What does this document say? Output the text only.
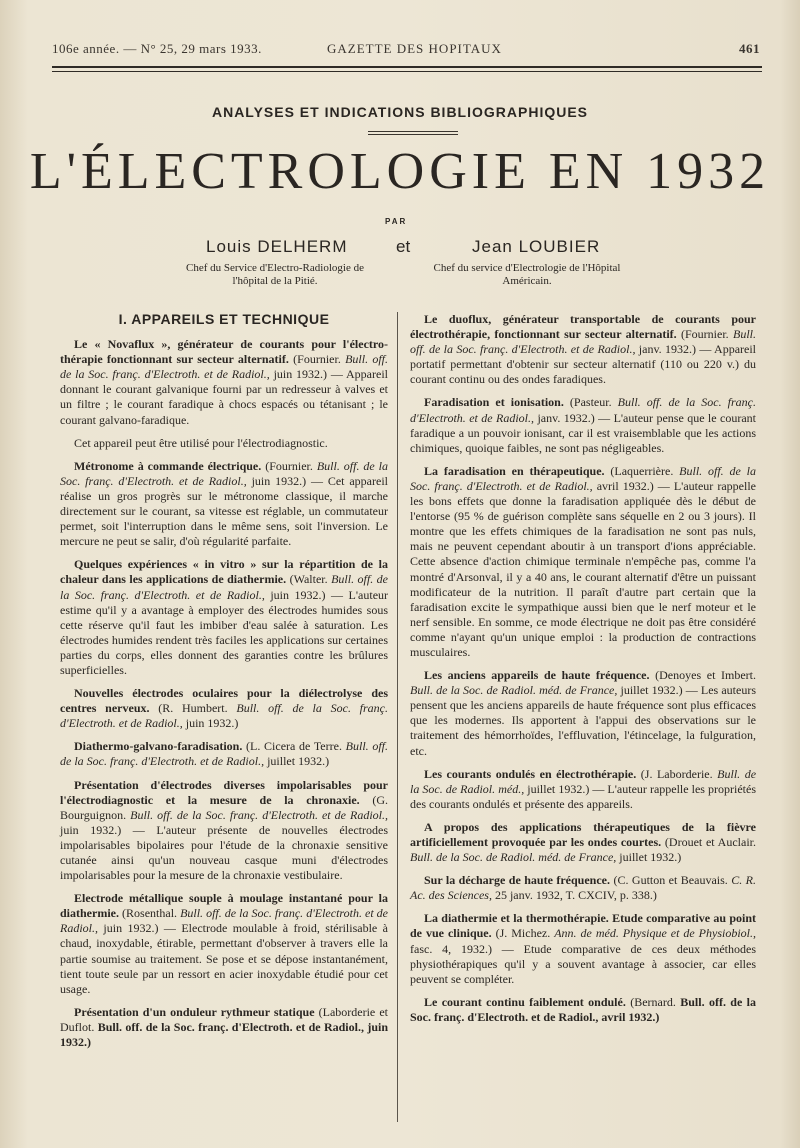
106e année. — N° 25, 29 mars 1933.	GAZETTE DES HOPITAUX	461
ANALYSES ET INDICATIONS BIBLIOGRAPHIQUES
L'ÉLECTROLOGIE EN 1932
PAR
Louis DELHERM	et	Jean LOUBIER
Chef du Service d'Electro-Radiologie de l'hôpital de la Pitié.
Chef du service d'Electrologie de l'Hôpital Américain.
I. APPAREILS ET TECHNIQUE

Le « Novaflux », générateur de courants pour l'électro-thérapie fonctionnant sur secteur alternatif. (Fournier. Bull. off. de la Soc. franç. d'Electroth. et de Radiol., juin 1932.) — Appareil donnant le courant galvanique fourni par un redresseur à valves et un filtre ; le courant faradique à chocs espacés ou tétanisant ; le courant galvano-faradique.

Cet appareil peut être utilisé pour l'électrodiagnostic.

Métronome à commande électrique. (Fournier. Bull. off. de la Soc. franç. d'Electroth. et de Radiol., juin 1932.) — Cet appareil réalise un gros progrès sur le métronome classique, il marche directement sur le courant, sa vitesse est réglable, un commutateur permet, soit l'interruption dans le même sens, soit l'inversion. Le mercure ne peut se salir, d'où régularité parfaite.

Quelques expériences « in vitro » sur la répartition de la chaleur dans les applications de diathermie. (Walter. Bull. off. de la Soc. franç. d'Electroth. et de Radiol., juin 1932.) — L'auteur estime qu'il y a avantage à employer des électrodes humides sous cette réserve qu'il faut les imbiber d'eau salée à saturation. Les électrodes humides rendent très faciles les applications sur certaines parties du corps, elles donnent des garanties contre les brûlures superficielles.

Nouvelles électrodes oculaires pour la diélectrolyse des centres nerveux. (R. Humbert. Bull. off. de la Soc. franç. d'Electroth. et de Radiol., juin 1932.)

Diathermo-galvano-faradisation. (L. Cicera de Terre. Bull. off. de la Soc. franç. d'Electroth. et de Radiol., juillet 1932.)

Présentation d'électrodes diverses impolarisables pour l'électrodiagnostic et la mesure de la chronaxie. (G. Bourguignon. Bull. off. de la Soc. franç. d'Electroth. et de Radiol., juin 1932.) — L'auteur présente de nouvelles électrodes impolarisables bipolaires pour l'étude de la chronaxie sensitive cutanée ainsi qu'un nouveau casque muni d'électrodes impolarisables pour la mesure de la chronaxie vestibulaire.

Electrode métallique souple à moulage instantané pour la diathermie. (Rosenthal. Bull. off. de la Soc. franç. d'Electroth. et de Radiol., juin 1932.) — Electrode moulable à froid, stérilisable à chaud, inoxydable, étirable, permettant d'observer à travers elle la partie soumise au traitement. Se pose et se dépose instantanément, tient toute seule par un ressort en acier inoxydable étudié pour cet usage.

Présentation d'un onduleur rythmeur statique (Laborderie et Duflot. Bull. off. de la Soc. franç. d'Electroth. et de Radiol., juin 1932.)

Le duoflux, générateur transportable de courants pour électrothérapie, fonctionnant sur secteur alternatif. (Fournier. Bull. off. de la Soc. franç. d'Electroth. et de Radiol., janv. 1932.) — Appareil portatif permettant d'obtenir sur secteur alternatif (110 ou 220 v.) du courant continu ou des ondes faradiques.

Faradisation et ionisation. (Pasteur. Bull. off. de la Soc. franç. d'Electroth. et de Radiol., janv. 1932.) — L'auteur pense que le courant faradique a un pouvoir ionisant, car il est vraisemblable que les actions chimiques, quoique faibles, ne sont pas négligeables.

La faradisation en thérapeutique. (Laquerrière. Bull. off. de la Soc. franç. d'Electroth. et de Radiol., avril 1932.) — L'auteur rappelle les bons effets que donne la faradisation appliquée dès le début de l'entorse (95 % de guérison complète sans séquelle en 2 ou 3 jours). Il montre que les effets chimiques de la faradisation ne sont pas nuls, mais ne peuvent cependant aboutir à un transport d'ions appréciable. Cette absence d'action chimique terminale n'empêche pas, comme l'a montré d'Arsonval, il y a 40 ans, le courant alternatif d'être un puissant modificateur de la nutrition. Il paraît d'autre part certain que la faradisation excite le sympathique aussi bien que le nerf moteur et le nerf sensible. En somme, ce mode électrique ne doit pas être considéré comme n'ayant qu'un unique emploi : la production de contractions musculaires.

Les anciens appareils de haute fréquence. (Denoyes et Imbert. Bull. de la Soc. de Radiol. méd. de France, juillet 1932.) — Les auteurs pensent que les anciens appareils de haute fréquence sont plus efficaces que les modernes. Ils apportent à l'appui des observations sur le traitement des hémorrhoïdes, l'effluvation, l'étincelage, la fulguration, etc.

Les courants ondulés en électrothérapie. (J. Laborderie. Bull. de la Soc. de Radiol. méd., juillet 1932.) — L'auteur rappelle les propriétés des courants ondulés et présente des appareils.

A propos des applications thérapeutiques de la fièvre artificiellement provoquée par les ondes courtes. (Drouet et Auclair. Bull. de la Soc. de Radiol. méd. de France, juillet 1932.)

Sur la décharge de haute fréquence. (C. Gutton et Beauvais. C. R. Ac. des Sciences, 25 janv. 1932, T. CXCIV, p. 338.)

La diathermie et la thermothérapie. Etude comparative au point de vue clinique. (J. Michez. Ann. de méd. Physique et de Physiobiol., fasc. 4, 1932.) — Etude comparative de ces deux méthodes physiothérapiques qu'il y a souvent avantage à associer, car elles peuvent se compléter.

Le courant continu faiblement ondulé. (Bernard. Bull. off. de la Soc. franç. d'Electroth. et de Radiol., avril 1932.)
